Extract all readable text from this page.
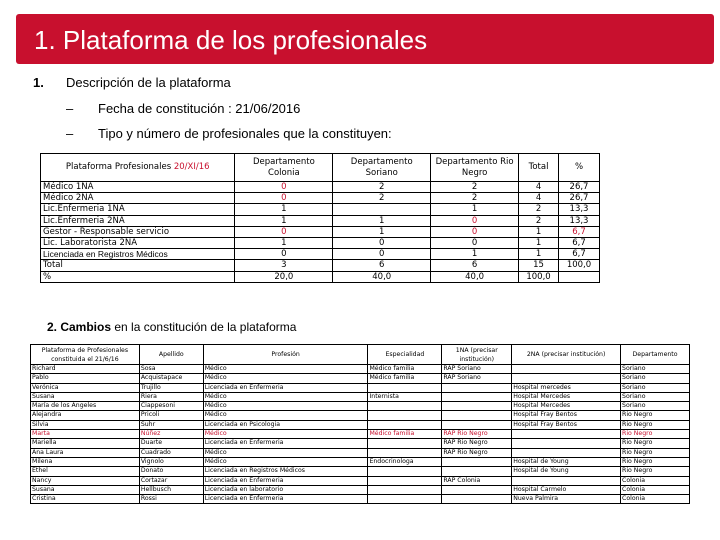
1. Plataforma de los profesionales
1. Descripción de la plataforma
– Fecha de constitución : 21/06/2016
– Tipo y número de profesionales que la constituyen:
Plataforma Profesionales 20/XI/16	Departamento Colonia	Departamento Soriano	Departamento Rio Negro	Total	%
Médico 1NA	0	2	2	4	26,7
Médico 2NA	0	2	2	4	26,7
Lic.Enfermeria 1NA	1		1	2	13,3
Lic.Enfermeria 2NA	1	1	0	2	13,3
Gestor - Responsable servicio	0	1	0	1	6,7
Lic. Laboratorista 2NA	1	0	0	1	6,7
Licenciada en Registros Médicos	0	0	1	1	6,7
Total	3	6	6	15	100,0
%	20,0	40,0	40,0	100,0	
2. Cambios en la constitución de la plataforma
Plataforma de Profesionales constituida el 21/6/16	Apellido	Profesión	Especialidad	1NA (precisar institución)	2NA (precisar institución)	Departamento
Richard	Sosa	Médico	Médico familia	RAP Soriano		Soriano
Pablo	Acquistapace	Médico	Médico familia	RAP Soriano		Soriano
Verónica	Trujillo	Licenciada en Enfermeria			Hospital mercedes	Soriano
Susana	Riera	Médico	Internista		Hospital Mercedes	Soriano
María de los Ángeles	Ciappesoni	Médico			Hospital Mercedes	Soriano
Alejandra	Pricoli	Médico			Hospital Fray Bentos	Rio Negro
Silvia	Suhr	Licenciada en Psicologia			Hospital Fray Bentos	Rio Negro
Marta	Núñez	Médico	Médico familia	RAP Rio Negro		Rio Negro
Mariella	Duarte	Licenciada en Enfermeria		RAP Rio Negro		Rio Negro
Ana Laura	Cuadrado	Médico		RAP Rio Negro		Rio Negro
Milena	Vignolo	Médico	Endocrinologa		Hospital de Young	Rio Negro
Ethel	Donato	Licenciada en Registros Médicos			Hospital de Young	Rio Negro
Nancy	Cortazar	Licenciada en Enfermeria		RAP Colonia		Colonia
Susana	Hellbusch	Licenciada en laboratorio			Hospital Carmelo	Colonia
Cristina	Rossi	Licenciada en Enfermeria			Nueva Palmira	Colonia
